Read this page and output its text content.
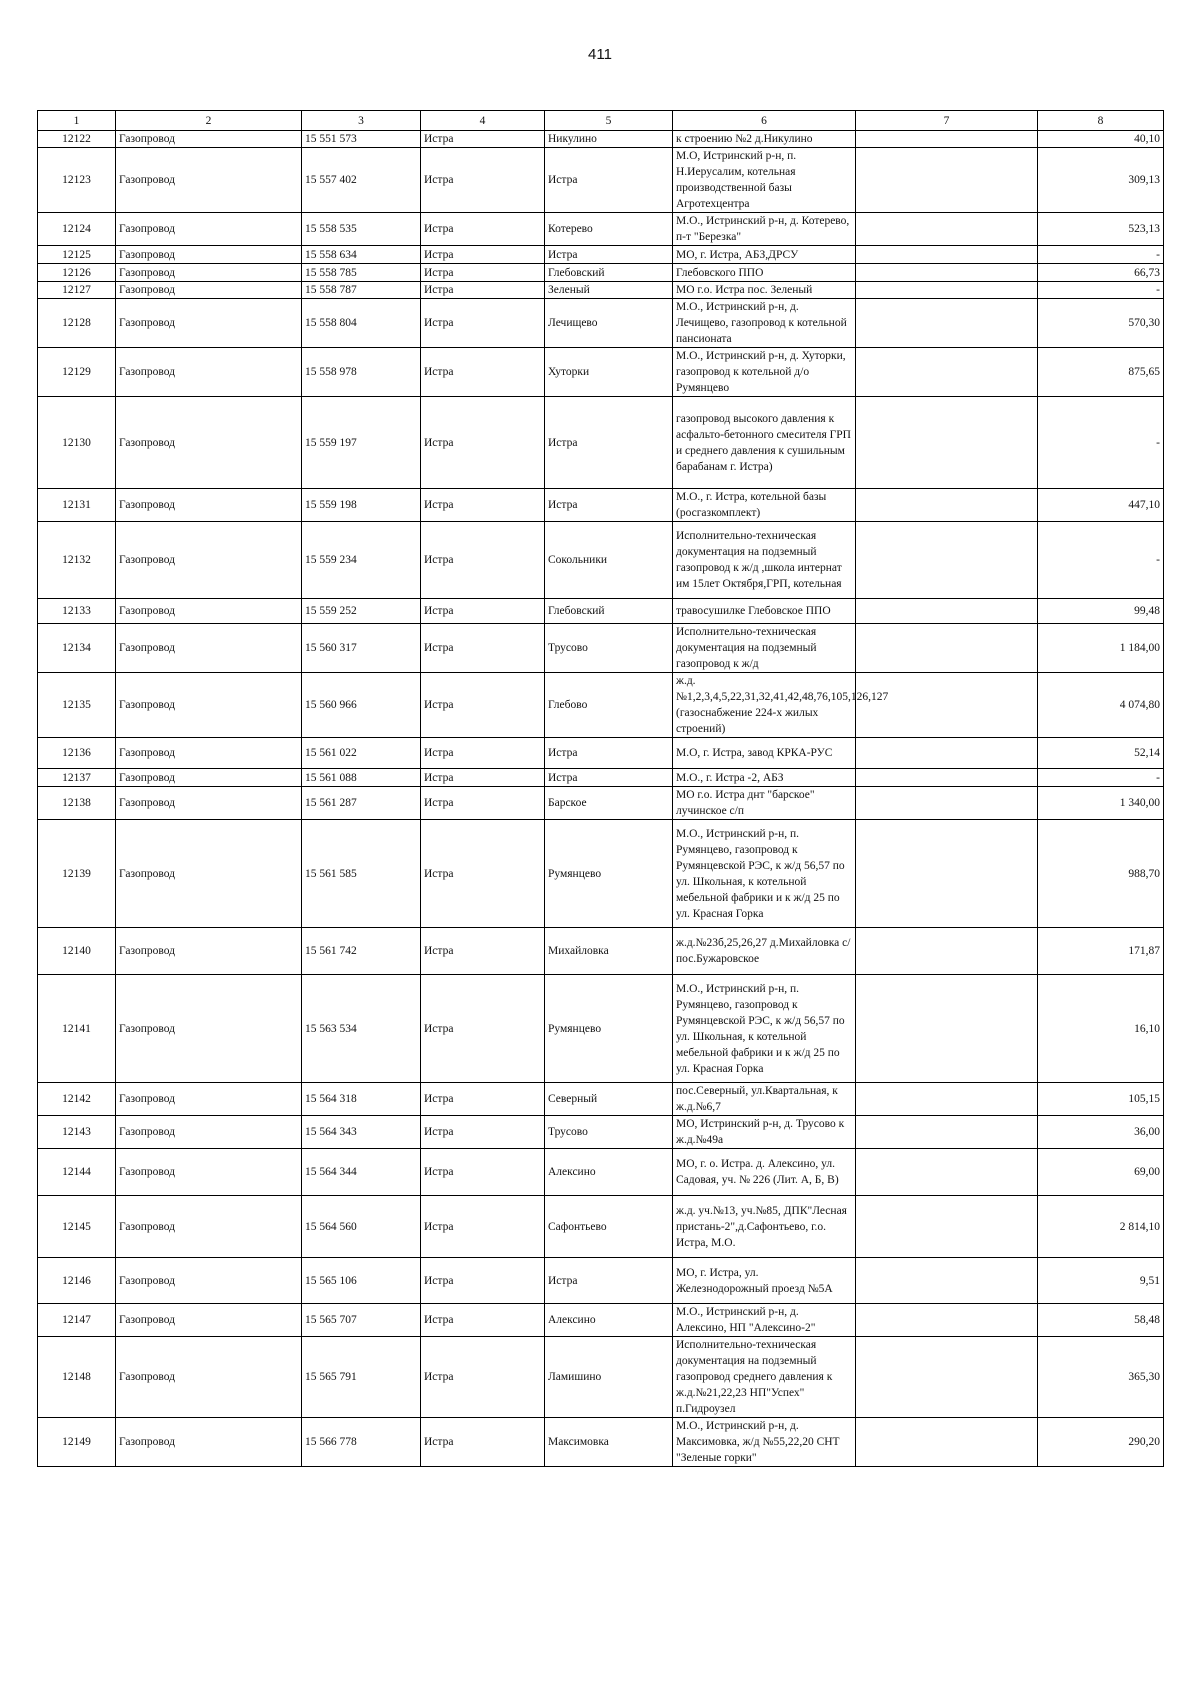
411
1	2	3	4	5	6	7	8
12122	Газопровод	15 551 573	Истра	Никулино	к строению №2 д.Никулино		40,10
12123	Газопровод	15 557 402	Истра	Истра	М.О, Истринский р-н, п. Н.Иерусалим, котельная производственной базы Агротехцентра		309,13
12124	Газопровод	15 558 535	Истра	Котерево	М.О., Истринский р-н, д. Котерево, п-т "Березка"		523,13
12125	Газопровод	15 558 634	Истра	Истра	МО, г. Истра, АБЗ,ДРСУ		-
12126	Газопровод	15 558 785	Истра	Глебовский	Глебовского ППО		66,73
12127	Газопровод	15 558 787	Истра	Зеленый	МО г.о. Истра пос. Зеленый		-
12128	Газопровод	15 558 804	Истра	Лечищево	М.О., Истринский р-н, д. Лечищево, газопровод к котельной пансионата		570,30
12129	Газопровод	15 558 978	Истра	Хуторки	М.О., Истринский р-н, д. Хуторки, газопровод к котельной д/о Румянцево		875,65
12130	Газопровод	15 559 197	Истра	Истра	газопровод высокого давления к асфальто-бетонного смесителя ГРП и среднего давления к сушильным барабанам г. Истра)		-
12131	Газопровод	15 559 198	Истра	Истра	М.О., г. Истра, котельной базы (росгазкомплект)		447,10
12132	Газопровод	15 559 234	Истра	Сокольники	Исполнительно-техническая документация на подземный газопровод к ж/д ,школа интернат им 15лет Октября,ГРП, котельная		-
12133	Газопровод	15 559 252	Истра	Глебовский	травосушилке Глебовское ППО		99,48
12134	Газопровод	15 560 317	Истра	Трусово	Исполнительно-техническая документация на подземный газопровод к ж/д		1 184,00
12135	Газопровод	15 560 966	Истра	Глебово	ж.д.№1,2,3,4,5,22,31,32,41,42,48,76,105,126,127 (газоснабжение 224-х жилых строений)		4 074,80
12136	Газопровод	15 561 022	Истра	Истра	М.О, г. Истра, завод КРКА-РУС		52,14
12137	Газопровод	15 561 088	Истра	Истра	М.О., г. Истра -2, АБЗ		-
12138	Газопровод	15 561 287	Истра	Барское	МО г.о. Истра днт "барское" лучинское с/п		1 340,00
12139	Газопровод	15 561 585	Истра	Румянцево	М.О., Истринский р-н, п. Румянцево, газопровод к Румянцевской РЭС, к ж/д 56,57 по ул. Школьная, к котельной мебельной фабрики и к ж/д 25 по ул. Красная Горка		988,70
12140	Газопровод	15 561 742	Истра	Михайловка	ж.д.№23б,25,26,27 д.Михайловка с/пос.Бужаровское		171,87
12141	Газопровод	15 563 534	Истра	Румянцево	М.О., Истринский р-н, п. Румянцево, газопровод к Румянцевской РЭС, к ж/д 56,57 по ул. Школьная, к котельной мебельной фабрики и к ж/д 25 по ул. Красная Горка		16,10
12142	Газопровод	15 564 318	Истра	Северный	пос.Северный, ул.Квартальная, к ж.д.№6,7		105,15
12143	Газопровод	15 564 343	Истра	Трусово	МО, Истринский р-н, д. Трусово к ж.д.№49а		36,00
12144	Газопровод	15 564 344	Истра	Алексино	МО, г. о. Истра. д. Алексино, ул. Садовая, уч. № 226 (Лит. А, Б, В)		69,00
12145	Газопровод	15 564 560	Истра	Сафонтьево	ж.д. уч.№13, уч.№85, ДПК"Лесная пристань-2",д.Сафонтьево, г.о. Истра, М.О.		2 814,10
12146	Газопровод	15 565 106	Истра	Истра	МО, г. Истра, ул. Железнодорожный проезд №5А		9,51
12147	Газопровод	15 565 707	Истра	Алексино	М.О., Истринский р-н, д. Алексино, НП "Алексино-2"		58,48
12148	Газопровод	15 565 791	Истра	Ламишино	Исполнительно-техническая документация на подземный газопровод среднего давления к ж.д.№21,22,23 НП"Успех" п.Гидроузел		365,30
12149	Газопровод	15 566 778	Истра	Максимовка	М.О., Истринский р-н, д. Максимовка, ж/д №55,22,20 СНТ "Зеленые горки"		290,20
